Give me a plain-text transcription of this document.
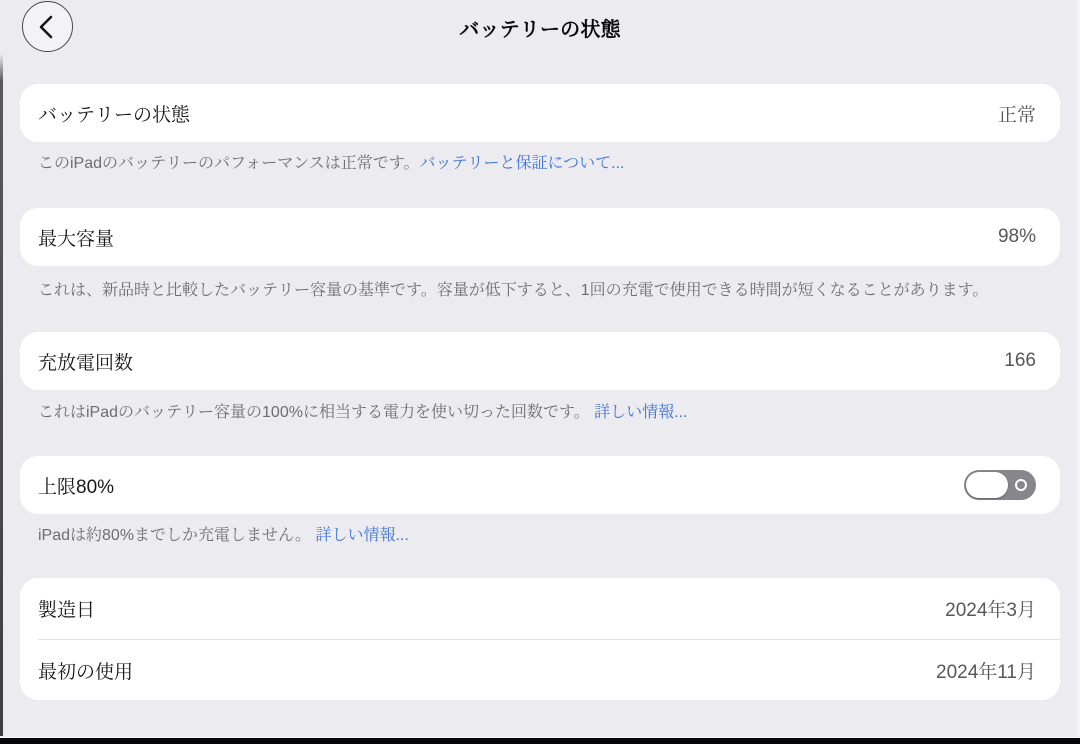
バッテリーの状態
バッテリーの状態	正常
このiPadのバッテリーのパフォーマンスは正常です。バッテリーと保証について...
最大容量	98%
これは、新品時と比較したバッテリー容量の基準です。容量が低下すると、1回の充電で使用できる時間が短くなることがあります。
充放電回数	166
これはiPadのバッテリー容量の100%に相当する電力を使い切った回数です。 詳しい情報...
上限80%
iPadは約80%までしか充電しません。 詳しい情報...
製造日	2024年3月
最初の使用	2024年11月
